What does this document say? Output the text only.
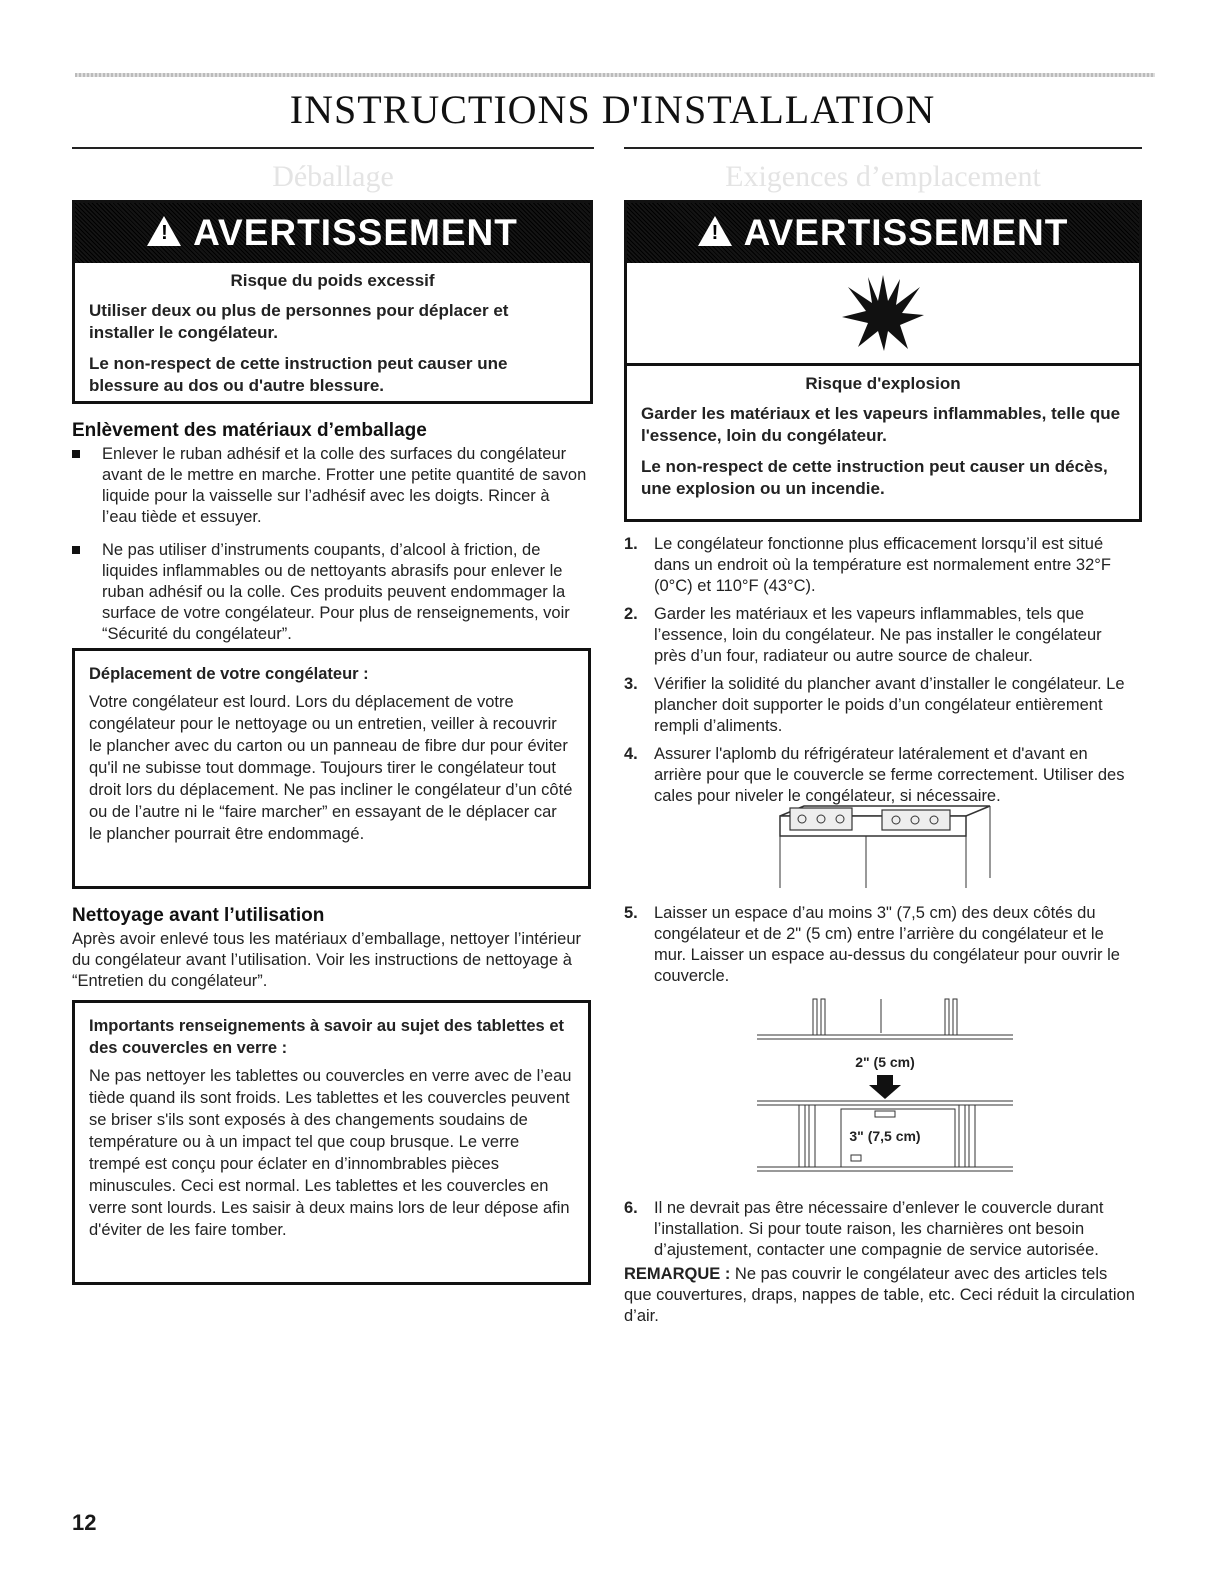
INSTRUCTIONS D'INSTALLATION
Déballage
! AVERTISSEMENT
Risque du poids excessif

Utiliser deux ou plus de personnes pour déplacer et installer le congélateur.

Le non-respect de cette instruction peut causer une blessure au dos ou d'autre blessure.

Enlèvement des matériaux d’emballage
Enlever le ruban adhésif et la colle des surfaces du congélateur avant de le mettre en marche. Frotter une petite quantité de savon liquide pour la vaisselle sur l’adhésif avec les doigts. Rincer à l’eau tiède et essuyer.
Ne pas utiliser d’instruments coupants, d’alcool à friction, de liquides inflammables ou de nettoyants abrasifs pour enlever le ruban adhésif ou la colle. Ces produits peuvent endommager la surface de votre congélateur. Pour plus de renseignements, voir “Sécurité du congélateur”.
Déplacement de votre congélateur :
Votre congélateur est lourd. Lors du déplacement de votre congélateur pour le nettoyage ou un entretien, veiller à recouvrir le plancher avec du carton ou un panneau de fibre dur pour éviter qu'il ne subisse tout dommage. Toujours tirer le congélateur tout droit lors du déplacement. Ne pas incliner le congélateur d’un côté ou de l’autre ni le “faire marcher” en essayant de le déplacer car le plancher pourrait être endommagé.
Nettoyage avant l’utilisation

Après avoir enlevé tous les matériaux d’emballage, nettoyer l’intérieur du congélateur avant l’utilisation. Voir les instructions de nettoyage à “Entretien du congélateur”.

Importants renseignements à savoir au sujet des tablettes et des couvercles en verre :
Ne pas nettoyer les tablettes ou couvercles en verre avec de l’eau tiède quand ils sont froids. Les tablettes et les couvercles peuvent se briser s'ils sont exposés à des changements soudains de température ou à un impact tel que coup brusque. Le verre trempé est conçu pour éclater en d’innombrables pièces minuscules. Ceci est normal. Les tablettes et les couvercles en verre sont lourds. Les saisir à deux mains lors de leur dépose afin d'éviter de les faire tomber.
Exigences d’emplacement
! AVERTISSEMENT
Risque d'explosion

Garder les matériaux et les vapeurs inflammables, telle que l'essence, loin du congélateur.

Le non-respect de cette instruction peut causer un décès, une explosion ou un incendie.

1. Le congélateur fonctionne plus efficacement lorsqu’il est situé dans un endroit où la température est normalement entre 32°F (0°C) et 110°F (43°C).
2. Garder les matériaux et les vapeurs inflammables, tels que l’essence, loin du congélateur. Ne pas installer le congélateur près d’un four, radiateur ou autre source de chaleur.
3. Vérifier la solidité du plancher avant d’installer le congélateur. Le plancher doit supporter le poids d’un congélateur entièrement rempli d’aliments.
4. Assurer l'aplomb du réfrigérateur latéralement et d'avant en arrière pour que le couvercle se ferme correctement. Utiliser des cales pour niveler le congélateur, si nécessaire.
5. Laisser un espace d’au moins 3" (7,5 cm) des deux côtés du congélateur et de 2" (5 cm) entre l’arrière du congélateur et le mur. Laisser un espace au-dessus du congélateur pour ouvrir le couvercle.
2" (5 cm)
3" (7,5 cm)
6. Il ne devrait pas être nécessaire d’enlever le couvercle durant l’installation. Si pour toute raison, les charnières ont besoin d’ajustement, contacter une compagnie de service autorisée.

REMARQUE : Ne pas couvrir le congélateur avec des articles tels que couvertures, draps, nappes de table, etc. Ceci réduit la circulation d’air.

12
